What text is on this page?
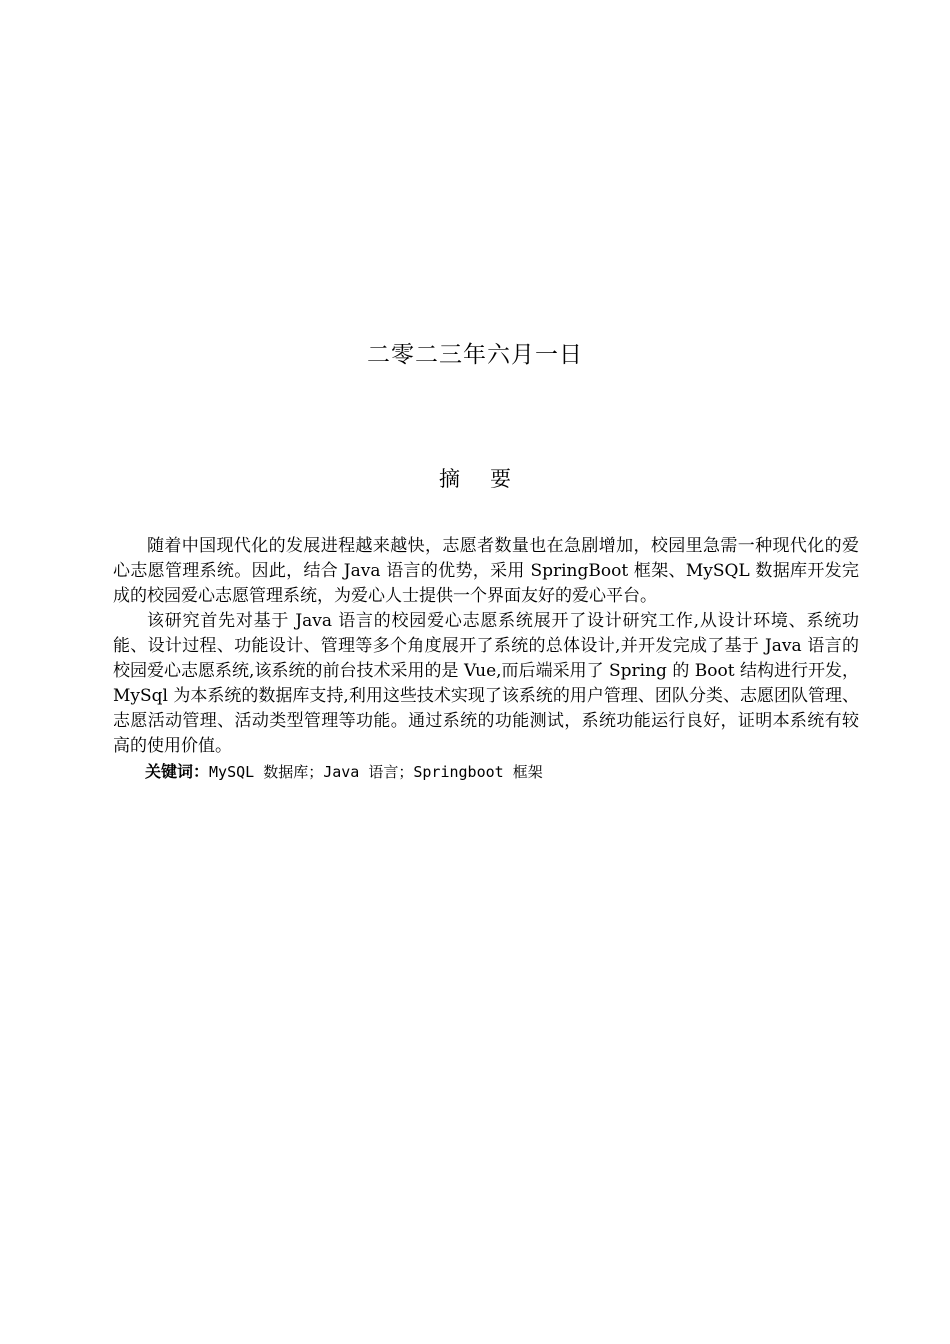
二零二三年六月一日
摘 要

随着中国现代化的发展进程越来越快，志愿者数量也在急剧增加，校园里急需一种现代化的爱心志愿管理系统。因此，结合 Java 语言的优势，采用 SpringBoot 框架、MySQL 数据库开发完成的校园爱心志愿管理系统，为爱心人士提供一个界面友好的爱心平台。

该研究首先对基于 Java 语言的校园爱心志愿系统展开了设计研究工作,从设计环境、系统功能、设计过程、功能设计、管理等多个角度展开了系统的总体设计,并开发完成了基于 Java 语言的校园爱心志愿系统,该系统的前台技术采用的是 Vue,而后端采用了 Spring 的 Boot 结构进行开发，MySql 为本系统的数据库支持,利用这些技术实现了该系统的用户管理、团队分类、志愿团队管理、志愿活动管理、活动类型管理等功能。通过系统的功能测试，系统功能运行良好，证明本系统有较高的使用价值。

关键词：MySQL 数据库；Java 语言；Springboot 框架
